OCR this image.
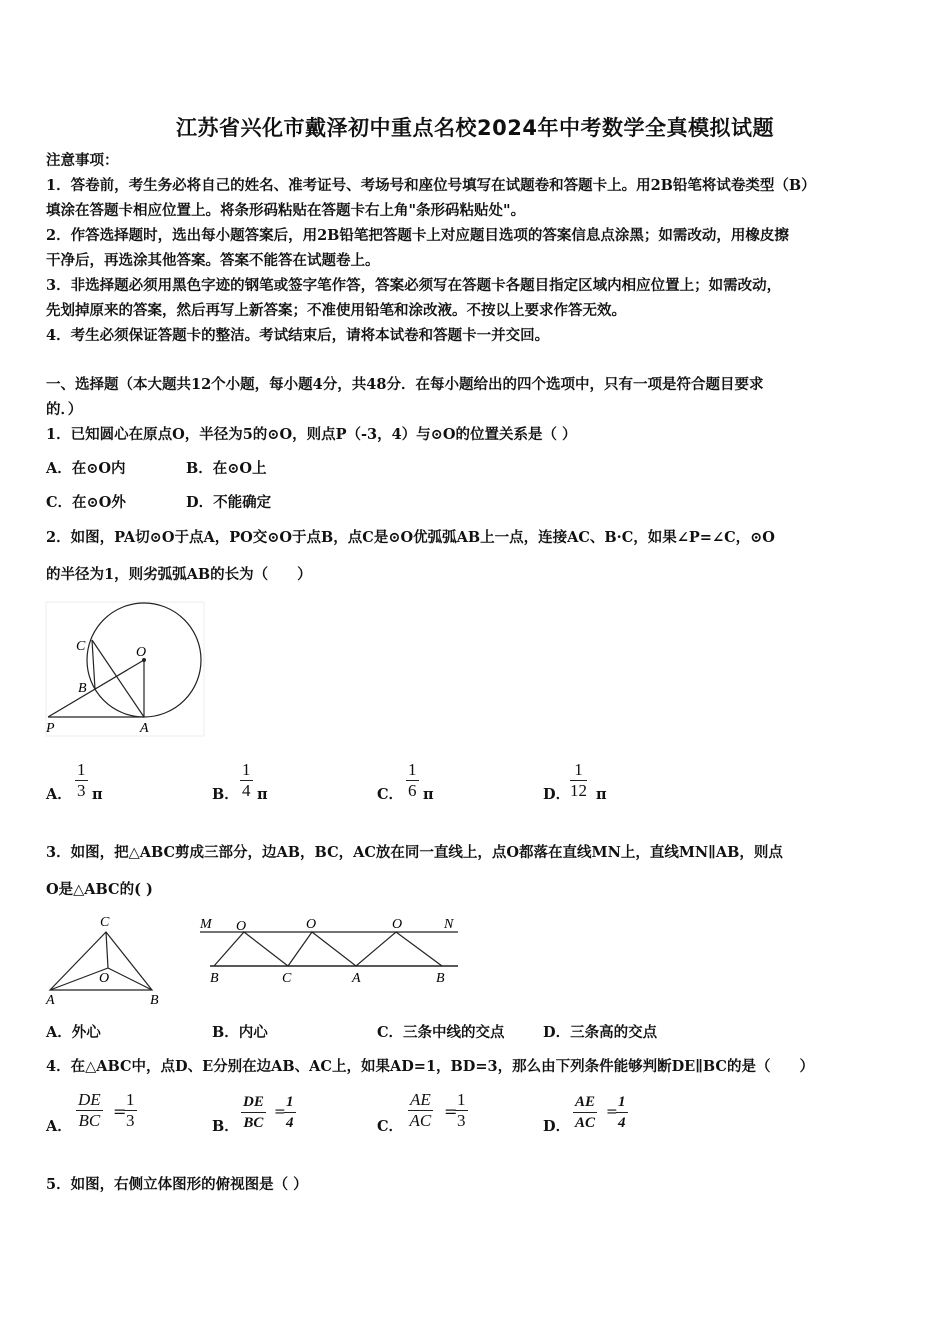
江苏省兴化市戴泽初中重点名校2024年中考数学全真模拟试题
注意事项：
1．答卷前，考生务必将自己的姓名、准考证号、考场号和座位号填写在试题卷和答题卡上。用2B铅笔将试卷类型（B）
填涂在答题卡相应位置上。将条形码粘贴在答题卡右上角"条形码粘贴处"。
2．作答选择题时，选出每小题答案后，用2B铅笔把答题卡上对应题目选项的答案信息点涂黑；如需改动，用橡皮擦
干净后，再选涂其他答案。答案不能答在试题卷上。
3．非选择题必须用黑色字迹的钢笔或签字笔作答，答案必须写在答题卡各题目指定区域内相应位置上；如需改动，
先划掉原来的答案，然后再写上新答案；不准使用铅笔和涂改液。不按以上要求作答无效。
4．考生必须保证答题卡的整洁。考试结束后，请将本试卷和答题卡一并交回。
一、选择题（本大题共12个小题，每小题4分，共48分．在每小题给出的四个选项中，只有一项是符合题目要求
的．）
1．已知圆心在原点O，半径为5的⊙O，则点P（-3，4）与⊙O的位置关系是（ ）
A．在⊙O内	B．在⊙O上
C．在⊙O外	D．不能确定
2．如图，PA切⊙O于点A，PO交⊙O于点B，点C是⊙O优弧弧AB上一点，连接AC、B·C，如果∠P=∠C，⊙O
的半径为1，则劣弧弧AB的长为（　　）
C	O
B
P	A
A． $\frac{1}{3}$ π	B． $\frac{1}{4}$ π	C． $\frac{1}{6}$ π	D． $\frac{1}{12}$ π
3．如图，把△ABC剪成三部分，边AB，BC，AC放在同一直线上，点O都落在直线MN上，直线MN∥AB，则点
O是△ABC的( )
C
O
A	B
M O	O	O	N
B	C	A	B
A．外心	B．内心	C．三条中线的交点	D．三条高的交点
4．在△ABC中，点D、E分别在边AB、AC上，如果AD=1，BD=3，那么由下列条件能够判断DE∥BC的是（　　）
A． $\frac{DE}{BC}$ =
$\frac{1}{3}$	B． $\frac{DE}{BC}$ =
$\frac{1}{4}$	C． $\frac{AE}{AC}$ =
$\frac{1}{3}$	D． $\frac{AE}{AC}$ =
$\frac{1}{4}$
5．如图，右侧立体图形的俯视图是（ ）
